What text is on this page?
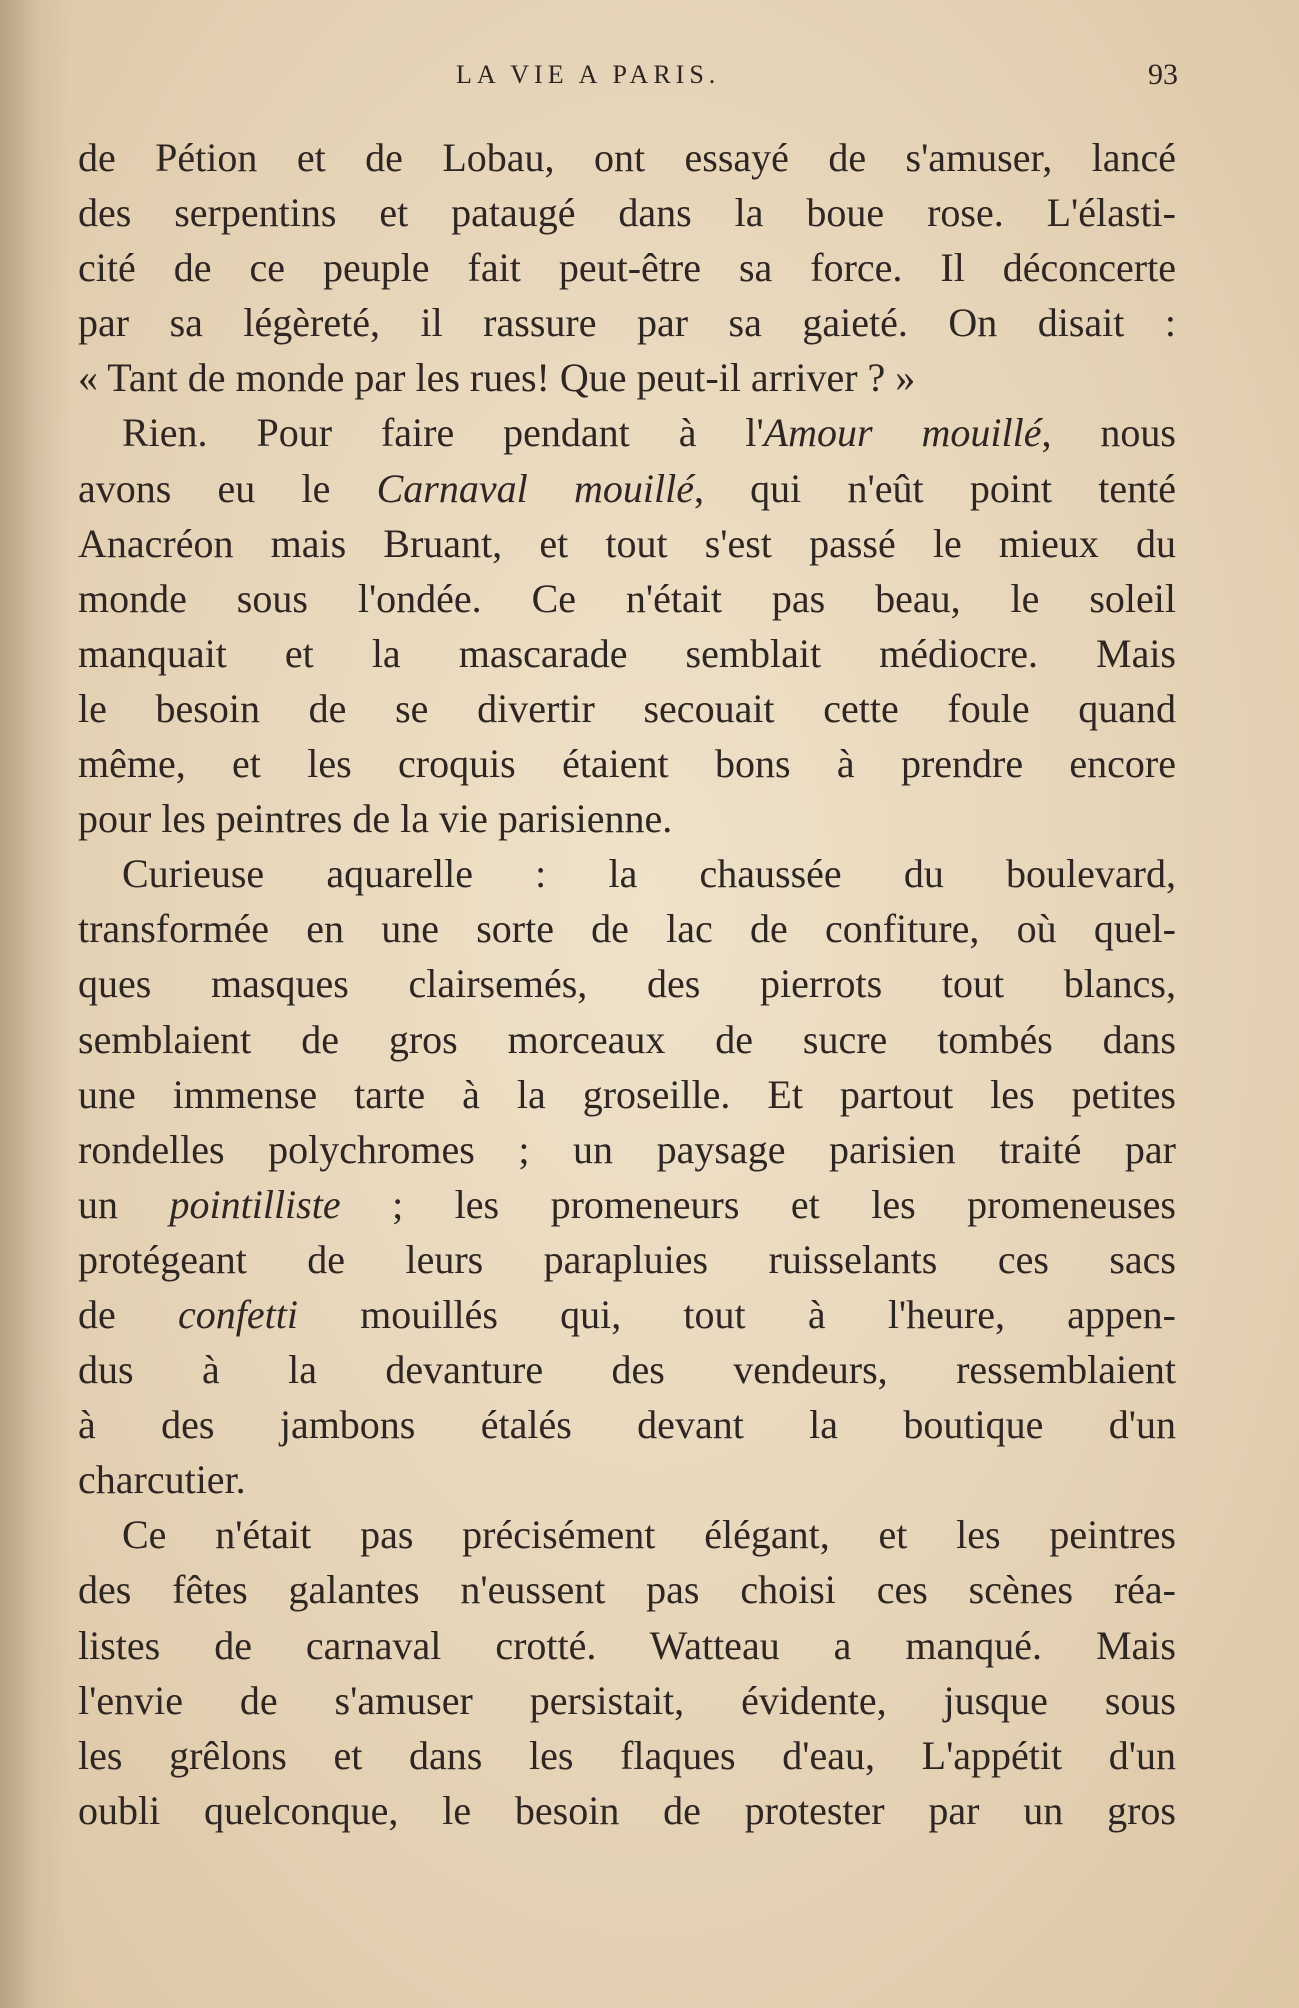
LA VIE A PARIS.	93
de Pétion et de Lobau, ont essayé de s'amuser, lancé
des serpentins et pataugé dans la boue rose. L'élasti-
cité de ce peuple fait peut-être sa force. Il déconcerte
par sa légèreté, il rassure par sa gaieté. On disait :
« Tant de monde par les rues! Que peut-il arriver ? »
Rien. Pour faire pendant à l'Amour mouillé, nous
avons eu le Carnaval mouillé, qui n'eût point tenté
Anacréon mais Bruant, et tout s'est passé le mieux du
monde sous l'ondée. Ce n'était pas beau, le soleil
manquait et la mascarade semblait médiocre. Mais
le besoin de se divertir secouait cette foule quand
même, et les croquis étaient bons à prendre encore
pour les peintres de la vie parisienne.
Curieuse aquarelle : la chaussée du boulevard,
transformée en une sorte de lac de confiture, où quel-
ques masques clairsemés, des pierrots tout blancs,
semblaient de gros morceaux de sucre tombés dans
une immense tarte à la groseille. Et partout les petites
rondelles polychromes ; un paysage parisien traité par
un pointilliste ; les promeneurs et les promeneuses
protégeant de leurs parapluies ruisselants ces sacs
de confetti mouillés qui, tout à l'heure, appen-
dus à la devanture des vendeurs, ressemblaient
à des jambons étalés devant la boutique d'un
charcutier.
Ce n'était pas précisément élégant, et les peintres
des fêtes galantes n'eussent pas choisi ces scènes réa-
listes de carnaval crotté. Watteau a manqué. Mais
l'envie de s'amuser persistait, évidente, jusque sous
les grêlons et dans les flaques d'eau, L'appétit d'un
oubli quelconque, le besoin de protester par un gros
